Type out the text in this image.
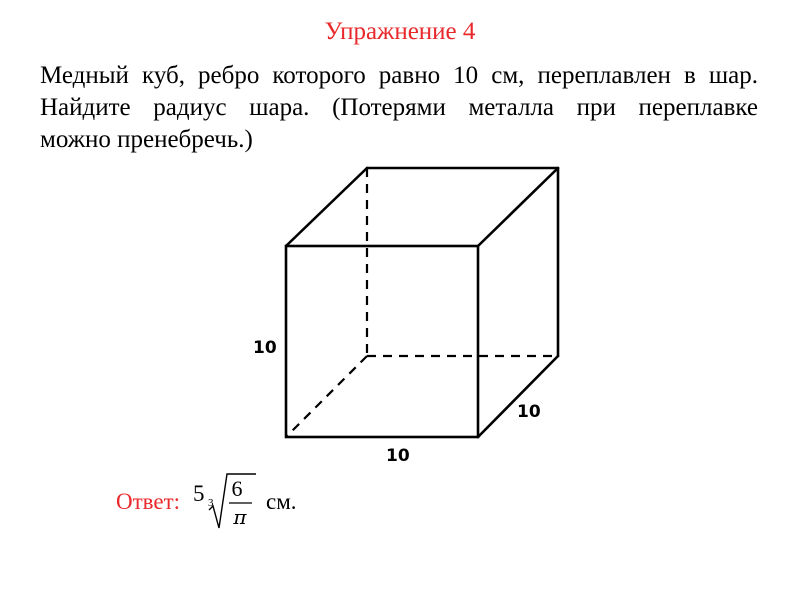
Упражнение 4
Медный куб, ребро которого равно 10 см, переплавлен в шар.
Найдите радиус шара. (Потерями металла при переплавке
можно пренебречь.)
10
10
10
Ответ: 5 3
6
π
см.
